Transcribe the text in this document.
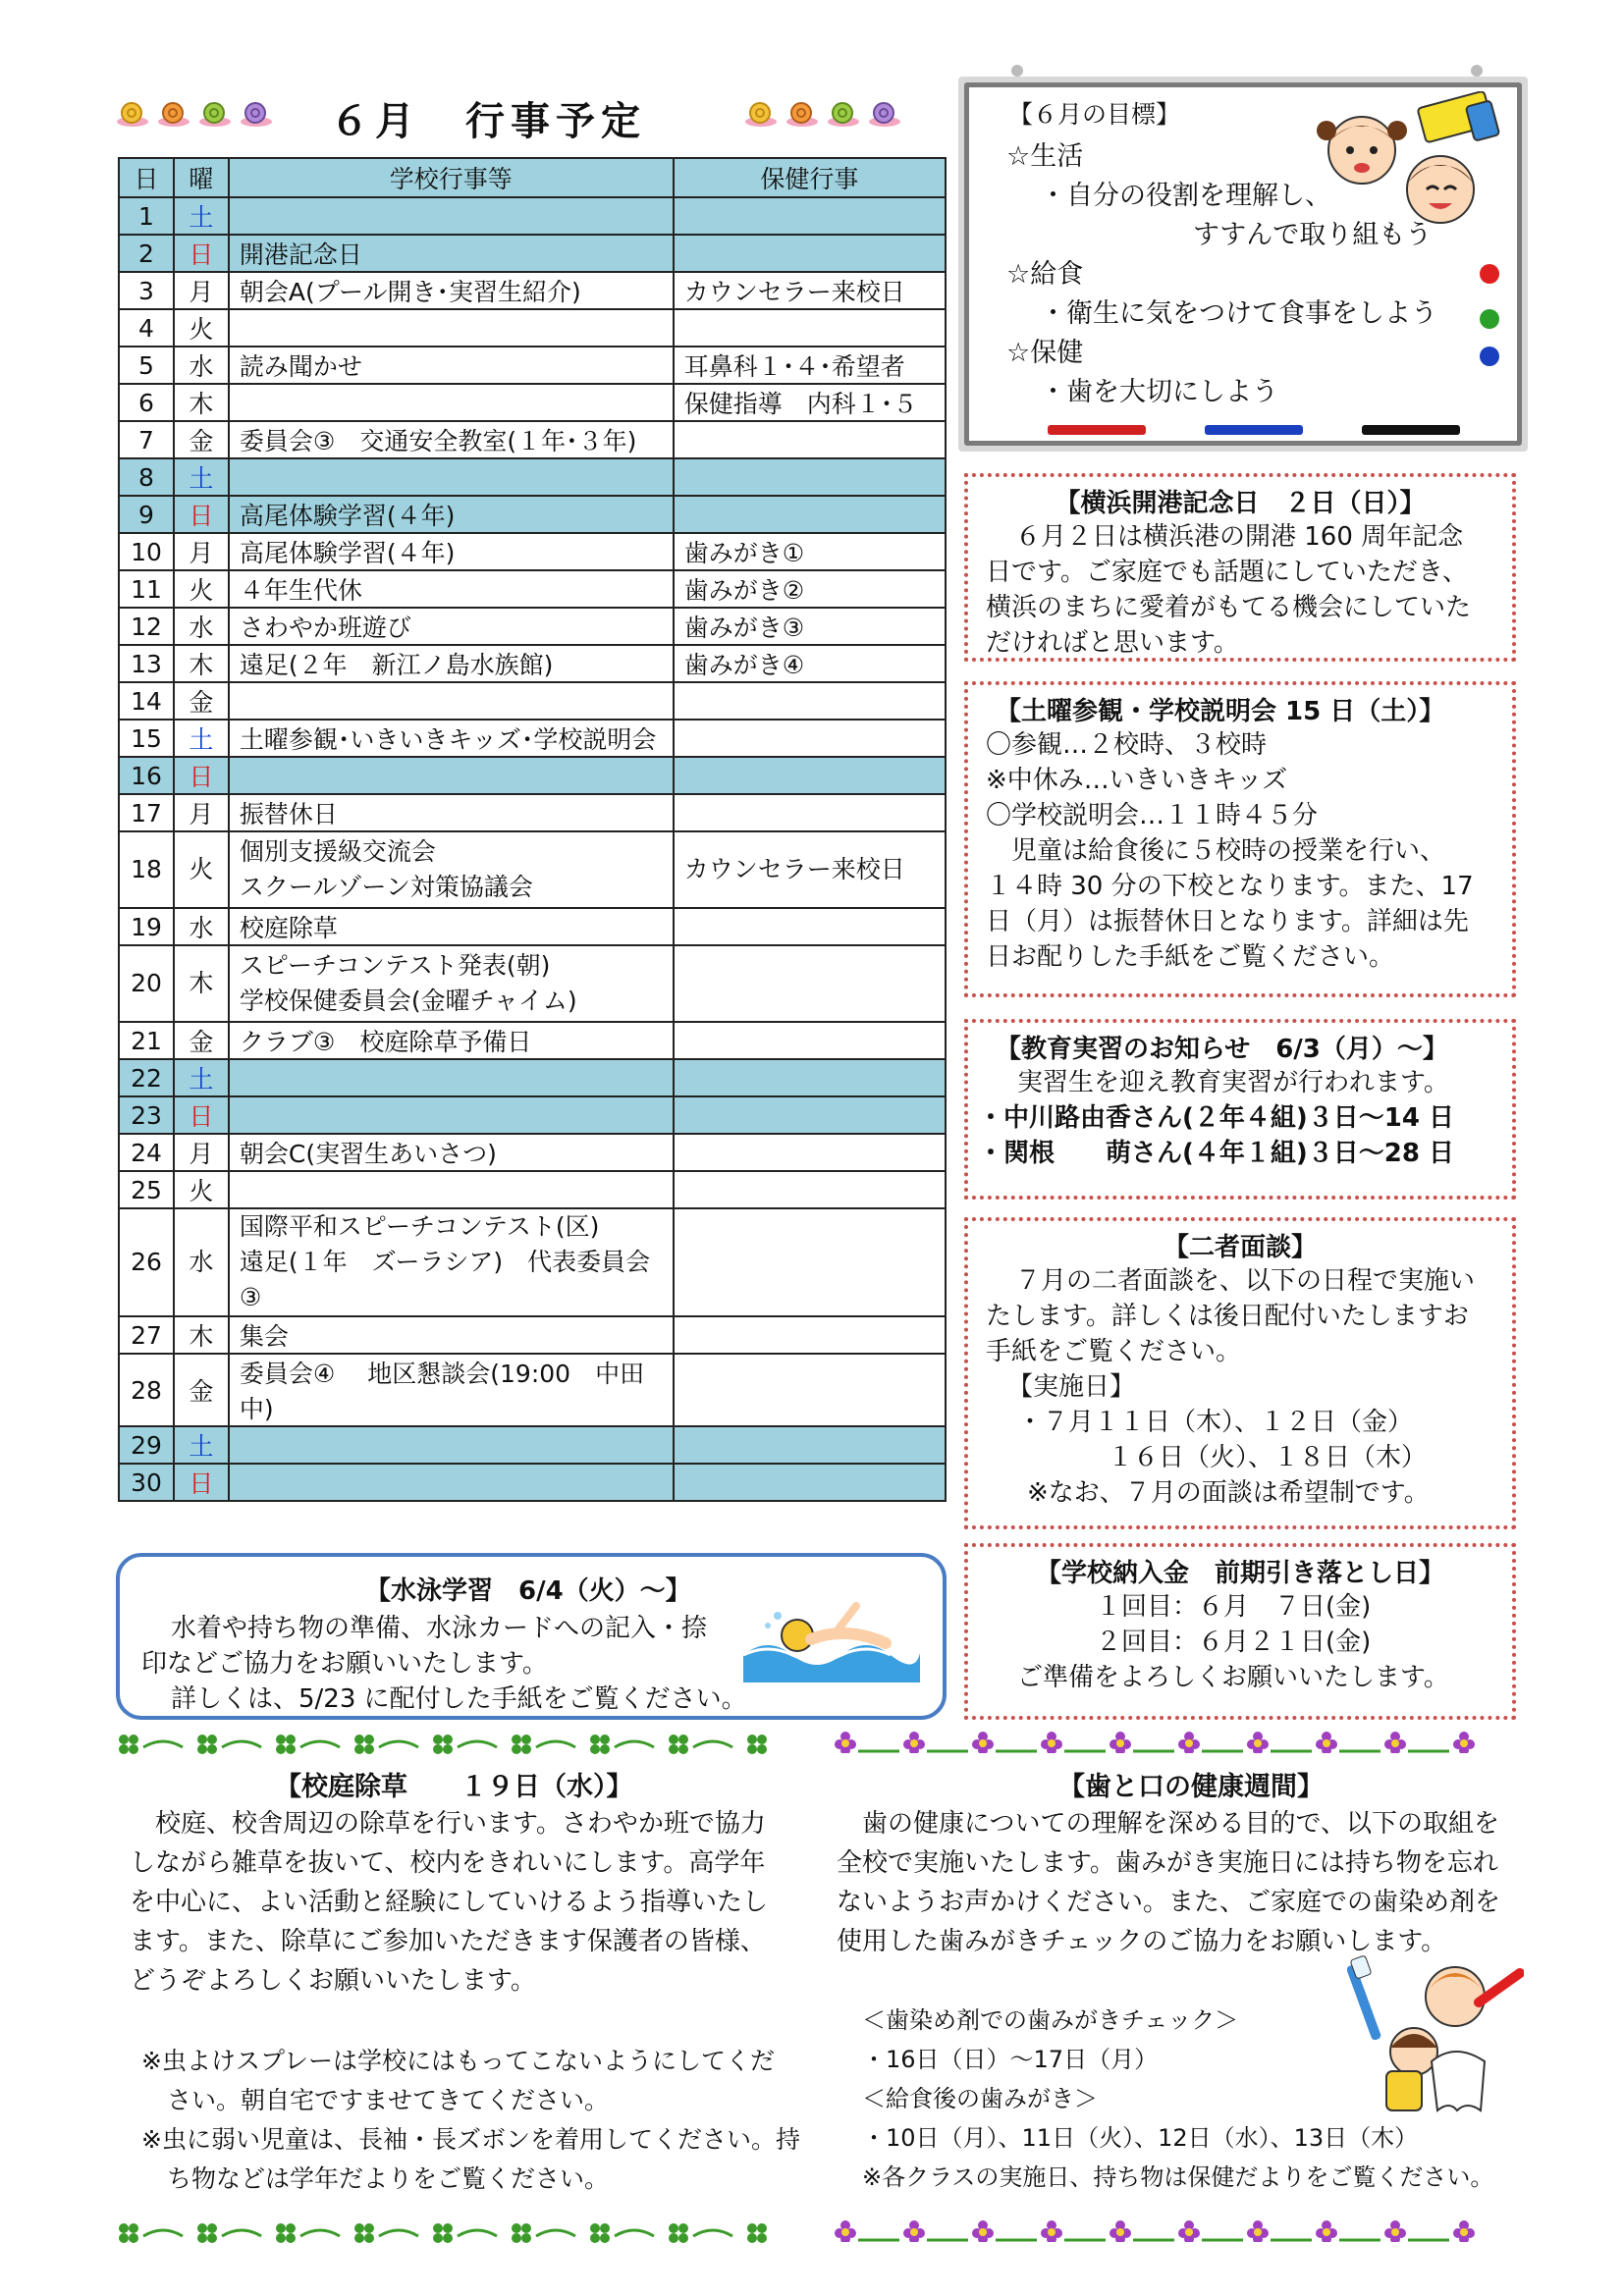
６月　行事予定
日	曜	学校行事等	保健行事
1	土	

2	日	開港記念日	

3	月	朝会A(プール開き･実習生紹介)	カウンセラー来校日
4	火	

5	水	読み聞かせ	耳鼻科１･４･希望者
6	木		保健指導　内科１･５
7	金	委員会③　交通安全教室(１年･３年)	

8	土	

9	日	高尾体験学習(４年)	

10	月	高尾体験学習(４年)	歯みがき①
11	火	４年生代休	歯みがき②
12	水	さわやか班遊び	歯みがき③
13	木	遠足(２年　新江ノ島水族館)	歯みがき④
14	金	

15	土	土曜参観･いきいきキッズ･学校説明会	

16	日	

17	月	振替休日	

18	火	個別支援級交流会
スクールゾーン対策協議会	カウンセラー来校日
19	水	校庭除草	

20	木	スピーチコンテスト発表(朝)
学校保健委員会(金曜チャイム)	

21	金	クラブ③　校庭除草予備日	

22	土	

23	日	

24	月	朝会C(実習生あいさつ)	

25	火	

26	水	国際平和スピーチコンテスト(区)
遠足(１年　ズーラシア)　代表委員会③	

27	木	集会	

28	金	委員会④　 地区懇談会(19:00　中田中)	

29	土	

30	日	

【６月の目標】
☆生活
・自分の役割を理解し、
すすんで取り組もう
☆給食
・衛生に気をつけて食事をしよう
☆保健
・歯を大切にしよう
【横浜開港記念日　２日（日）】
６月２日は横浜港の開港 160 周年記念
日です。ご家庭でも話題にしていただき、
横浜のまちに愛着がもてる機会にしていた
だければと思います。
【土曜参観・学校説明会 15 日（土）】
〇参観…２校時、３校時
※中休み…いきいきキッズ
〇学校説明会…１１時４５分
　児童は給食後に５校時の授業を行い、
１４時 30 分の下校となります。また、17
日（月）は振替休日となります。詳細は先
日お配りした手紙をご覧ください。
【教育実習のお知らせ　6/3（月）～】
実習生を迎え教育実習が行われます。
・中川路由香さん(２年４組)３日～14 日
・関根　　萌さん(４年１組)３日～28 日
【二者面談】
７月の二者面談を、以下の日程で実施い
たします。詳しくは後日配付いたしますお
手紙をご覧ください。
【実施日】
・７月１１日（木）、１２日（金）
　　１６日（火）、１８日（木）
※なお、７月の面談は希望制です。
【学校納入金　前期引き落とし日】
１回目：６月　７日(金)
２回目：６月２１日(金)
ご準備をよろしくお願いいたします。
【水泳学習　6/4（火）～】
水着や持ち物の準備、水泳カードへの記入・捺
印などご協力をお願いいたします。
詳しくは、5/23 に配付した手紙をご覧ください。
【校庭除草　　１９日（水）】
校庭、校舎周辺の除草を行います。さわやか班で協力
しながら雑草を抜いて、校内をきれいにします。高学年
を中心に、よい活動と経験にしていけるよう指導いたし
ます。また、除草にご参加いただきます保護者の皆様、
どうぞよろしくお願いいたします。
※虫よけスプレーは学校にはもってこないようにしてくだ
さい。朝自宅ですませてきてください。
※虫に弱い児童は、長袖・長ズボンを着用してください。持
ち物などは学年だよりをご覧ください。
【歯と口の健康週間】
歯の健康についての理解を深める目的で、以下の取組を
全校で実施いたします。歯みがき実施日には持ち物を忘れ
ないようお声かけください。また、ご家庭での歯染め剤を
使用した歯みがきチェックのご協力をお願いします。
＜歯染め剤での歯みがきチェック＞
・16日（日）～17日（月）
＜給食後の歯みがき＞
・10日（月）、11日（火）、12日（水）、13日（木）
※各クラスの実施日、持ち物は保健だよりをご覧ください。
